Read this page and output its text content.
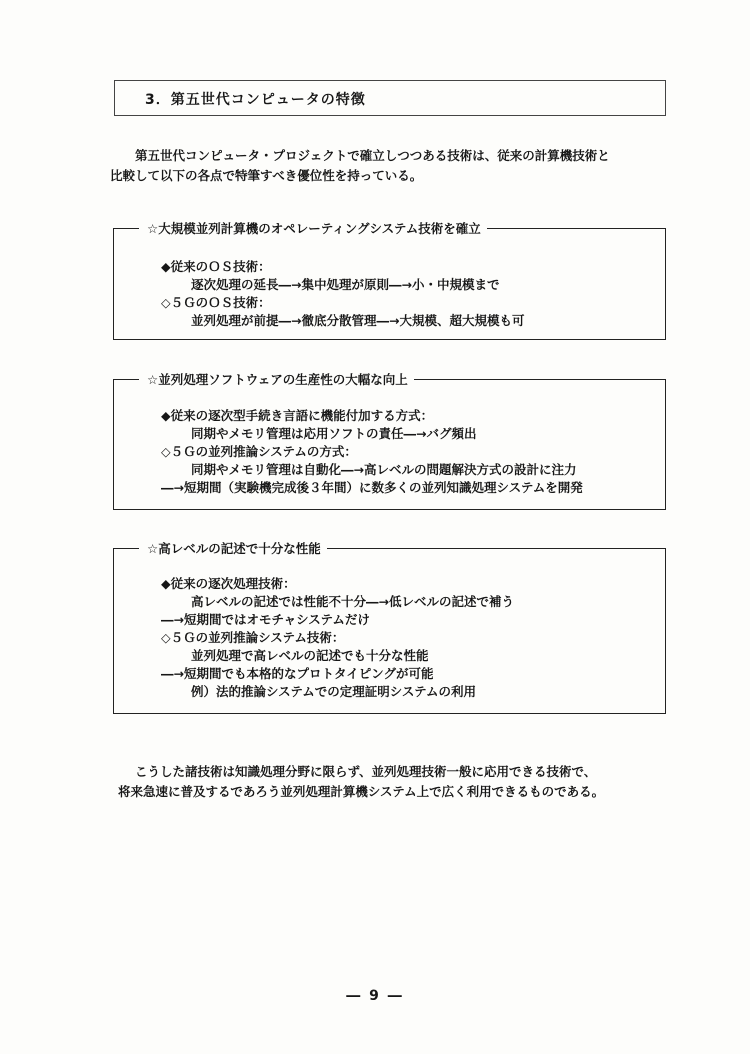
3．第五世代コンピュータの特徴
第五世代コンピュータ・プロジェクトで確立しつつある技術は、従来の計算機技術と
比較して以下の各点で特筆すべき優位性を持っている。
☆大規模並列計算機のオペレーティングシステム技術を確立
◆従来のＯＳ技術：
逐次処理の延長―→集中処理が原則―→小・中規模まで
◇５ＧのＯＳ技術：
並列処理が前提―→徹底分散管理―→大規模、超大規模も可
☆並列処理ソフトウェアの生産性の大幅な向上
◆従来の逐次型手続き言語に機能付加する方式：
同期やメモリ管理は応用ソフトの責任―→バグ頻出
◇５Ｇの並列推論システムの方式：
同期やメモリ管理は自動化―→高レベルの問題解決方式の設計に注力
―→短期間（実験機完成後３年間）に数多くの並列知識処理システムを開発
☆高レベルの記述で十分な性能
◆従来の逐次処理技術：
高レベルの記述では性能不十分―→低レベルの記述で補う
―→短期間ではオモチャシステムだけ
◇５Ｇの並列推論システム技術：
並列処理で高レベルの記述でも十分な性能
―→短期間でも本格的なプロトタイピングが可能
例）法的推論システムでの定理証明システムの利用
こうした諸技術は知識処理分野に限らず、並列処理技術一般に応用できる技術で、
将来急速に普及するであろう並列処理計算機システム上で広く利用できるものである。
― 9 ―
